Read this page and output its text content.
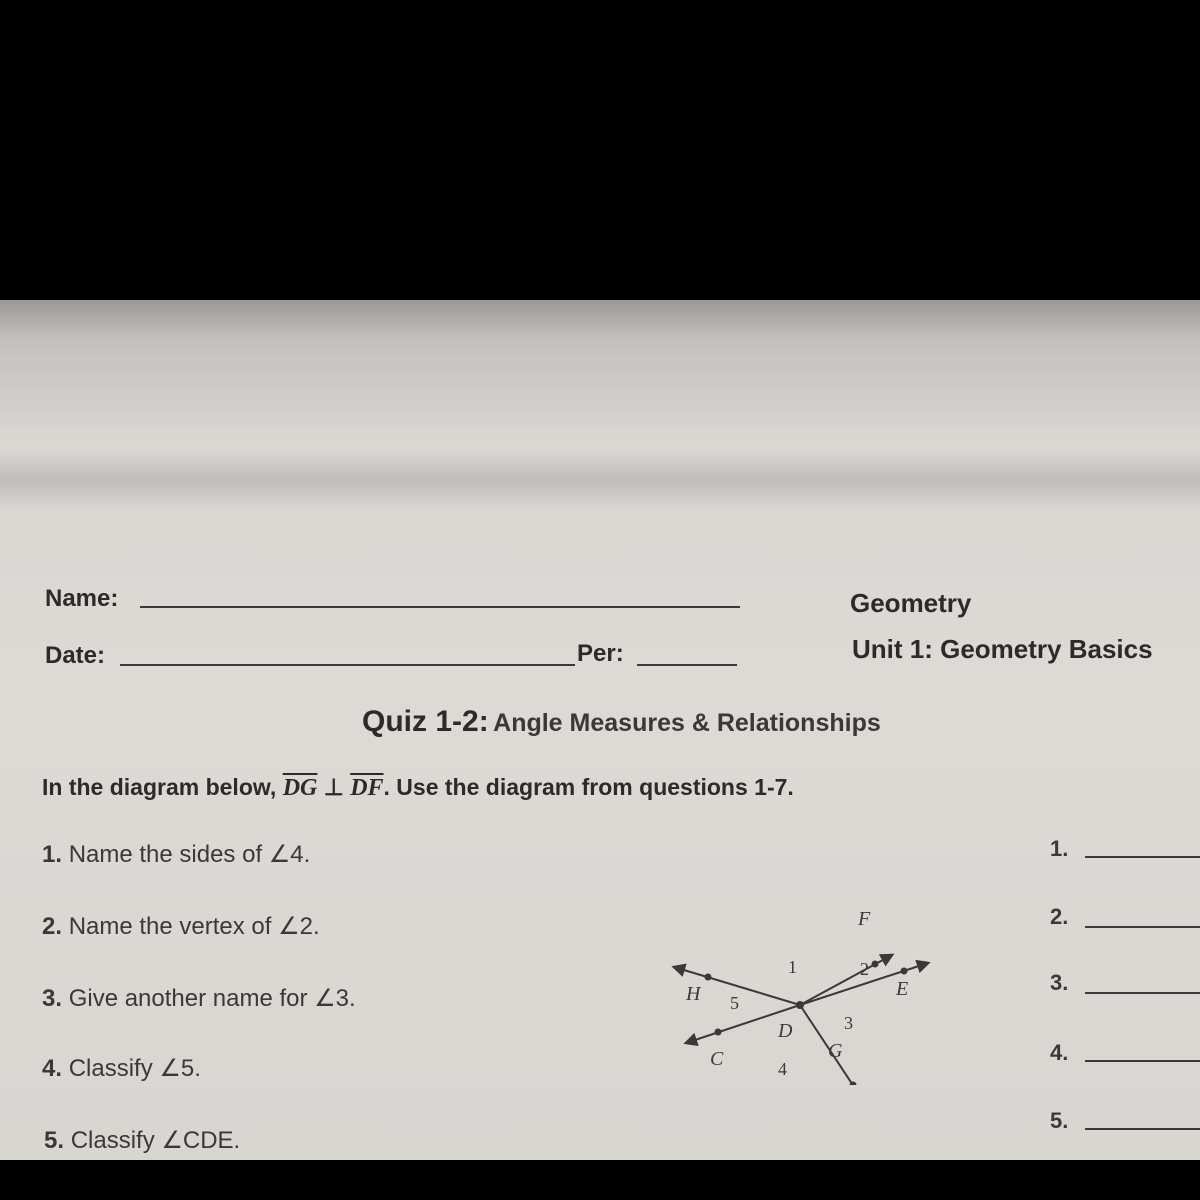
Name:
Date:	Per:
Geometry
Unit 1: Geometry Basics
Quiz 1-2: Angle Measures & Relationships
In the diagram below, $\overline{DG}$ ⊥ $\overline{DF}$. Use the diagram from questions 1-7.
1. Name the sides of ∠4.
2. Name the vertex of ∠2.
3. Give another name for ∠3.
4. Classify ∠5.
5. Classify ∠CDE.
1.
2.
3.
4.
5.
F
E
H
C
D
1	2
3
4
5
G
